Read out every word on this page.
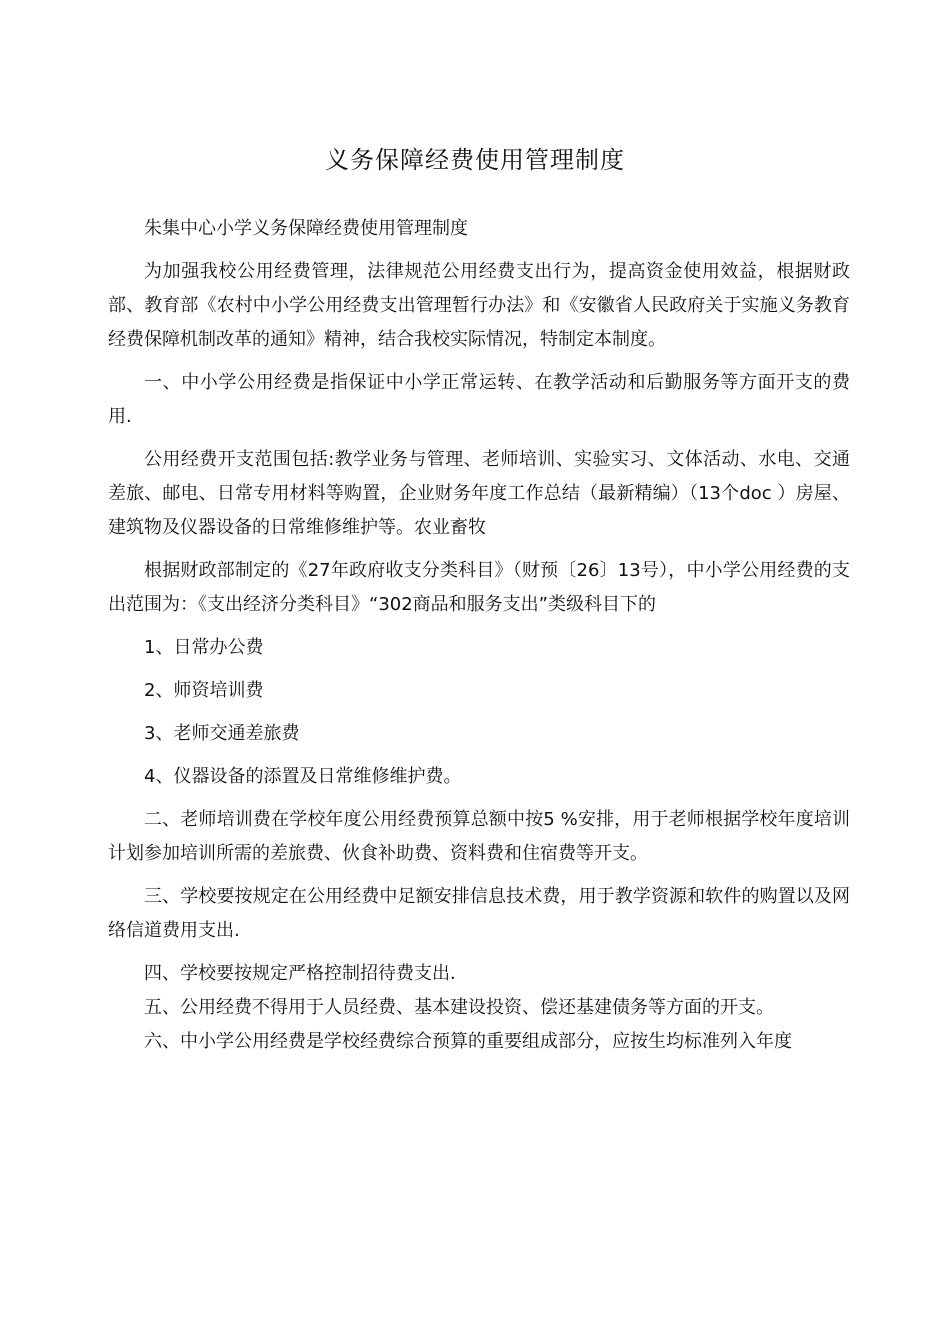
义务保障经费使用管理制度

朱集中心小学义务保障经费使用管理制度

为加强我校公用经费管理，法律规范公用经费支出行为，提高资金使用效益，根据财政部、教育部《农村中小学公用经费支出管理暂行办法》和《安徽省人民政府关于实施义务教育经费保障机制改革的通知》精神，结合我校实际情况，特制定本制度。

一、中小学公用经费是指保证中小学正常运转、在教学活动和后勤服务等方面开支的费用.

公用经费开支范围包括:教学业务与管理、老师培训、实验实习、文体活动、水电、交通差旅、邮电、日常专用材料等购置，企业财务年度工作总结（最新精编）（13个doc ）房屋、建筑物及仪器设备的日常维修维护等。农业畜牧

根据财政部制定的《27年政府收支分类科目》（财预〔26〕13号），中小学公用经费的支出范围为：《支出经济分类科目》“302商品和服务支出”类级科目下的

1、日常办公费

2、师资培训费

3、老师交通差旅费

4、仪器设备的添置及日常维修维护费。

二、老师培训费在学校年度公用经费预算总额中按5 %安排，用于老师根据学校年度培训计划参加培训所需的差旅费、伙食补助费、资料费和住宿费等开支。

三、学校要按规定在公用经费中足额安排信息技术费，用于教学资源和软件的购置以及网络信道费用支出.

四、学校要按规定严格控制招待费支出.

五、公用经费不得用于人员经费、基本建设投资、偿还基建债务等方面的开支。

六、中小学公用经费是学校经费综合预算的重要组成部分，应按生均标准列入年度
